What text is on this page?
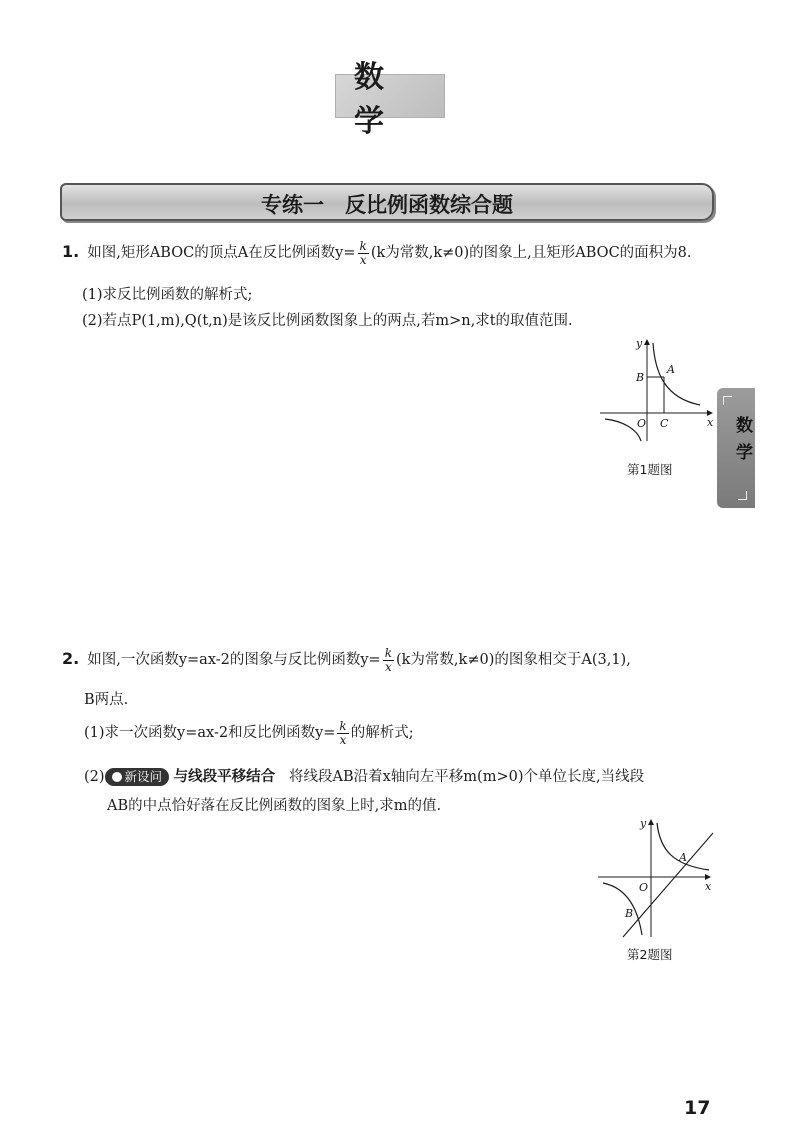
数 学
专练一　反比例函数综合题
1. 如图,矩形ABOC的顶点A在反比例函数$y= \frac{k}{x} (k$为常数,k≠0)的图象上,且矩形ABOC的面积为8.
(1)求反比例函数的解析式;
(2)若点P(1,m),Q(t,n)是该反比例函数图象上的两点,若m>n,求t的取值范围.
y
x
O
A
B
C
第1题图	数学
2. 如图,一次函数y=ax-2的图象与反比例函数$y= \frac{k}{x} (k$为常数,k≠0)的图象相交于A(3,1),
B两点.
(1)求一次函数y=ax-2和反比例函数$y= \frac{k}{x}$ 的解析式;
(2) 新设问 与线段平移结合 将线段AB沿着x轴向左平移m(m>0)个单位长度,当线段
AB的中点恰好落在反比例函数的图象上时,求m的值.
y
x
O
A
B
第2题图
17
